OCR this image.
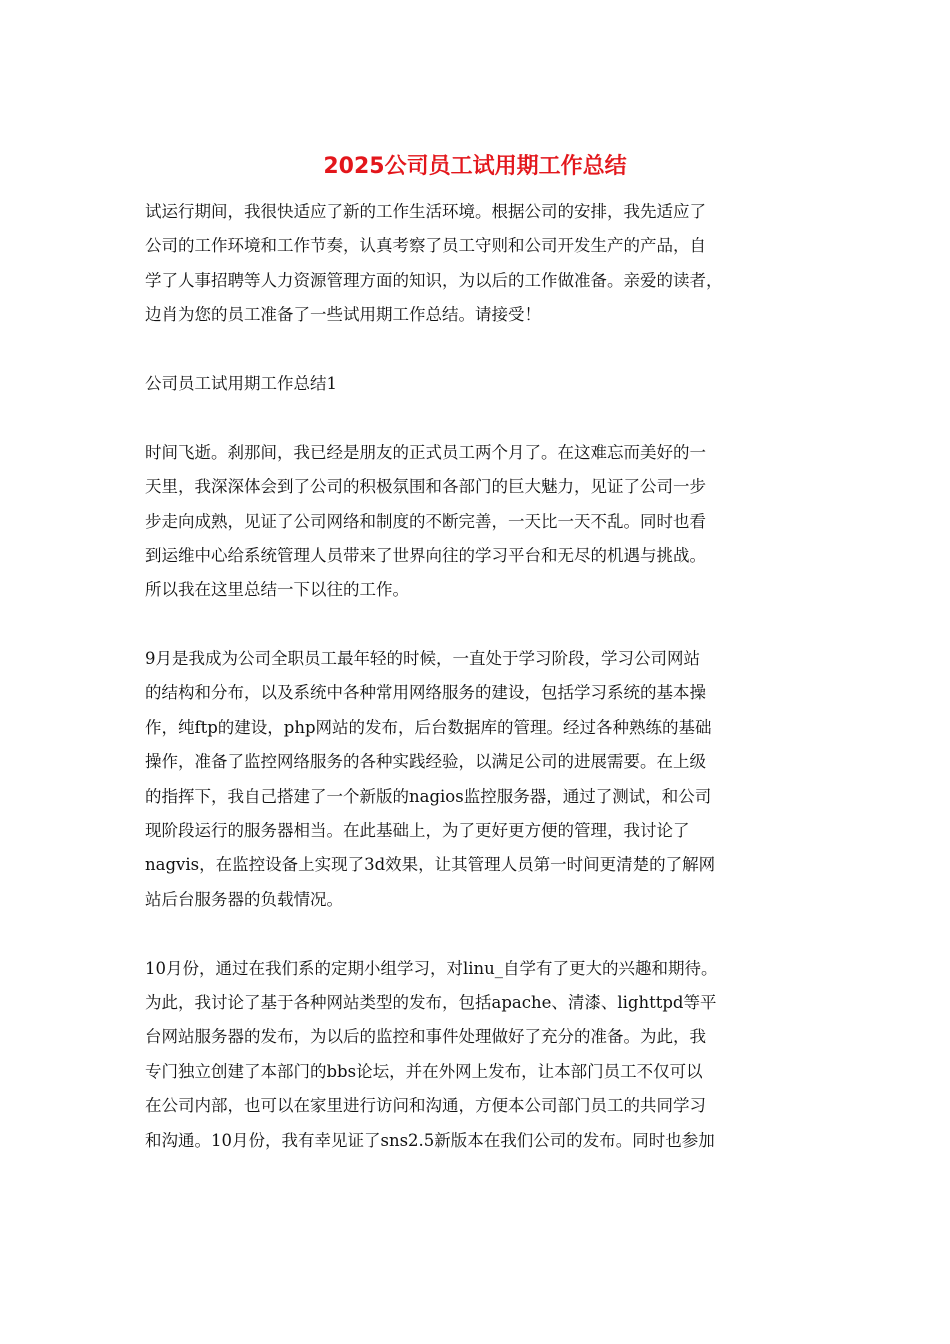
2025公司员工试用期工作总结

试运行期间，我很快适应了新的工作生活环境。根据公司的安排，我先适应了

公司的工作环境和工作节奏，认真考察了员工守则和公司开发生产的产品，自

学了人事招聘等人力资源管理方面的知识，为以后的工作做准备。亲爱的读者，

边肖为您的员工准备了一些试用期工作总结。请接受！

公司员工试用期工作总结1

时间飞逝。刹那间，我已经是朋友的正式员工两个月了。在这难忘而美好的一

天里，我深深体会到了公司的积极氛围和各部门的巨大魅力，见证了公司一步

步走向成熟，见证了公司网络和制度的不断完善，一天比一天不乱。同时也看

到运维中心给系统管理人员带来了世界向往的学习平台和无尽的机遇与挑战。

所以我在这里总结一下以往的工作。

9月是我成为公司全职员工最年轻的时候，一直处于学习阶段，学习公司网站

的结构和分布，以及系统中各种常用网络服务的建设，包括学习系统的基本操

作，纯ftp的建设，php网站的发布，后台数据库的管理。经过各种熟练的基础

操作，准备了监控网络服务的各种实践经验，以满足公司的进展需要。在上级

的指挥下，我自己搭建了一个新版的nagios监控服务器，通过了测试，和公司

现阶段运行的服务器相当。在此基础上，为了更好更方便的管理，我讨论了

nagvis，在监控设备上实现了3d效果，让其管理人员第一时间更清楚的了解网

站后台服务器的负载情况。

10月份，通过在我们系的定期小组学习，对linu_自学有了更大的兴趣和期待。

为此，我讨论了基于各种网站类型的发布，包括apache、清漆、lighttpd等平

台网站服务器的发布，为以后的监控和事件处理做好了充分的准备。为此，我

专门独立创建了本部门的bbs论坛，并在外网上发布，让本部门员工不仅可以

在公司内部，也可以在家里进行访问和沟通，方便本公司部门员工的共同学习

和沟通。10月份，我有幸见证了sns2.5新版本在我们公司的发布。同时也参加
